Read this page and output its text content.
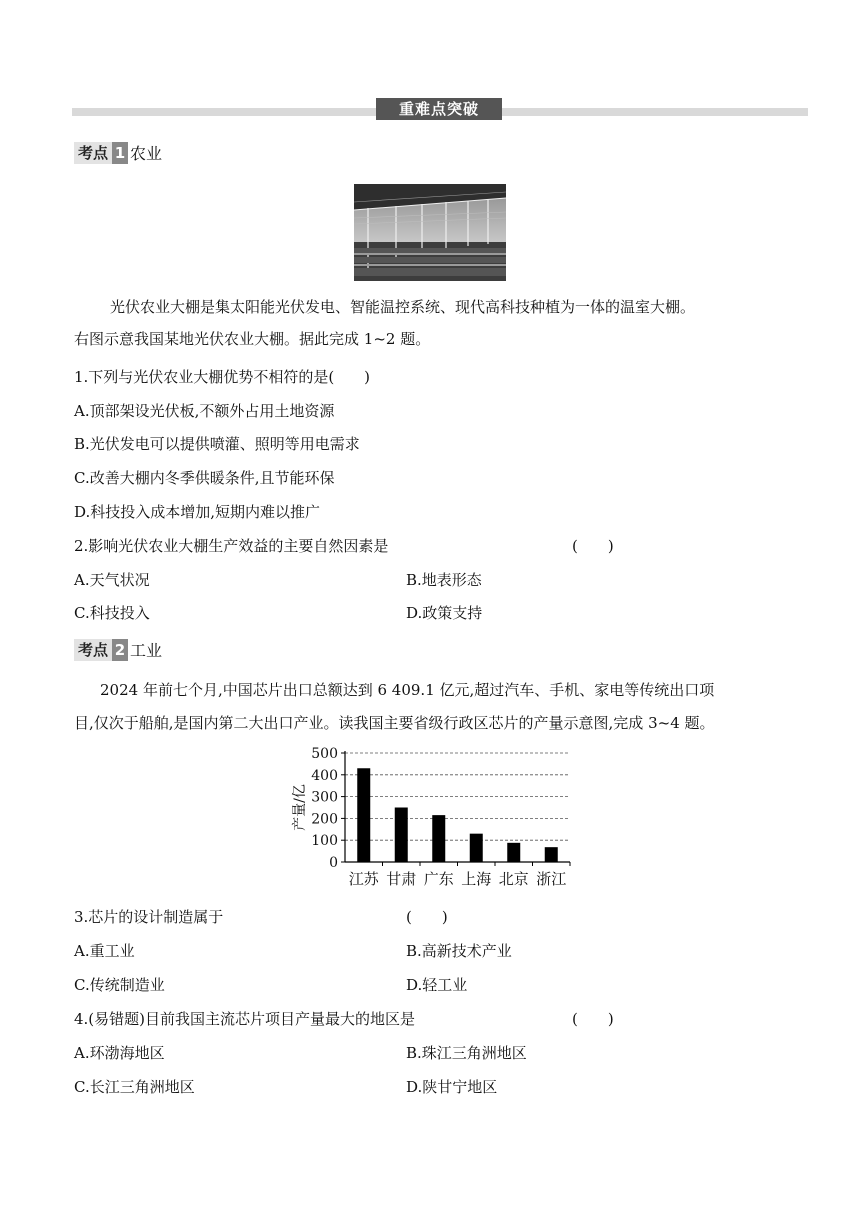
重难点突破
考点 1 农业
光伏农业大棚是集太阳能光伏发电、智能温控系统、现代高科技种植为一体的温室大棚。
右图示意我国某地光伏农业大棚。据此完成 1~2 题。
1.下列与光伏农业大棚优势不相符的是(　　)
A.顶部架设光伏板,不额外占用土地资源
B.光伏发电可以提供喷灌、照明等用电需求
C.改善大棚内冬季供暖条件,且节能环保
D.科技投入成本增加,短期内难以推广
2.影响光伏农业大棚生产效益的主要自然因素是	(　　)
A.天气状况	B.地表形态
C.科技投入	D.政策支持
考点 2 工业
2024 年前七个月,中国芯片出口总额达到 6 409.1 亿元,超过汽车、手机、家电等传统出口项
目,仅次于船舶,是国内第二大出口产业。读我国主要省级行政区芯片的产量示意图,完成 3~4 题。
0
100
200
300
400
500
产量/亿
江苏 甘肃 广东 上海 北京 浙江
3.芯片的设计制造属于	(　　)
A.重工业	B.高新技术产业
C.传统制造业	D.轻工业
4.(易错题)目前我国主流芯片项目产量最大的地区是	(　　)
A.环渤海地区	B.珠江三角洲地区
C.长江三角洲地区	D.陕甘宁地区
